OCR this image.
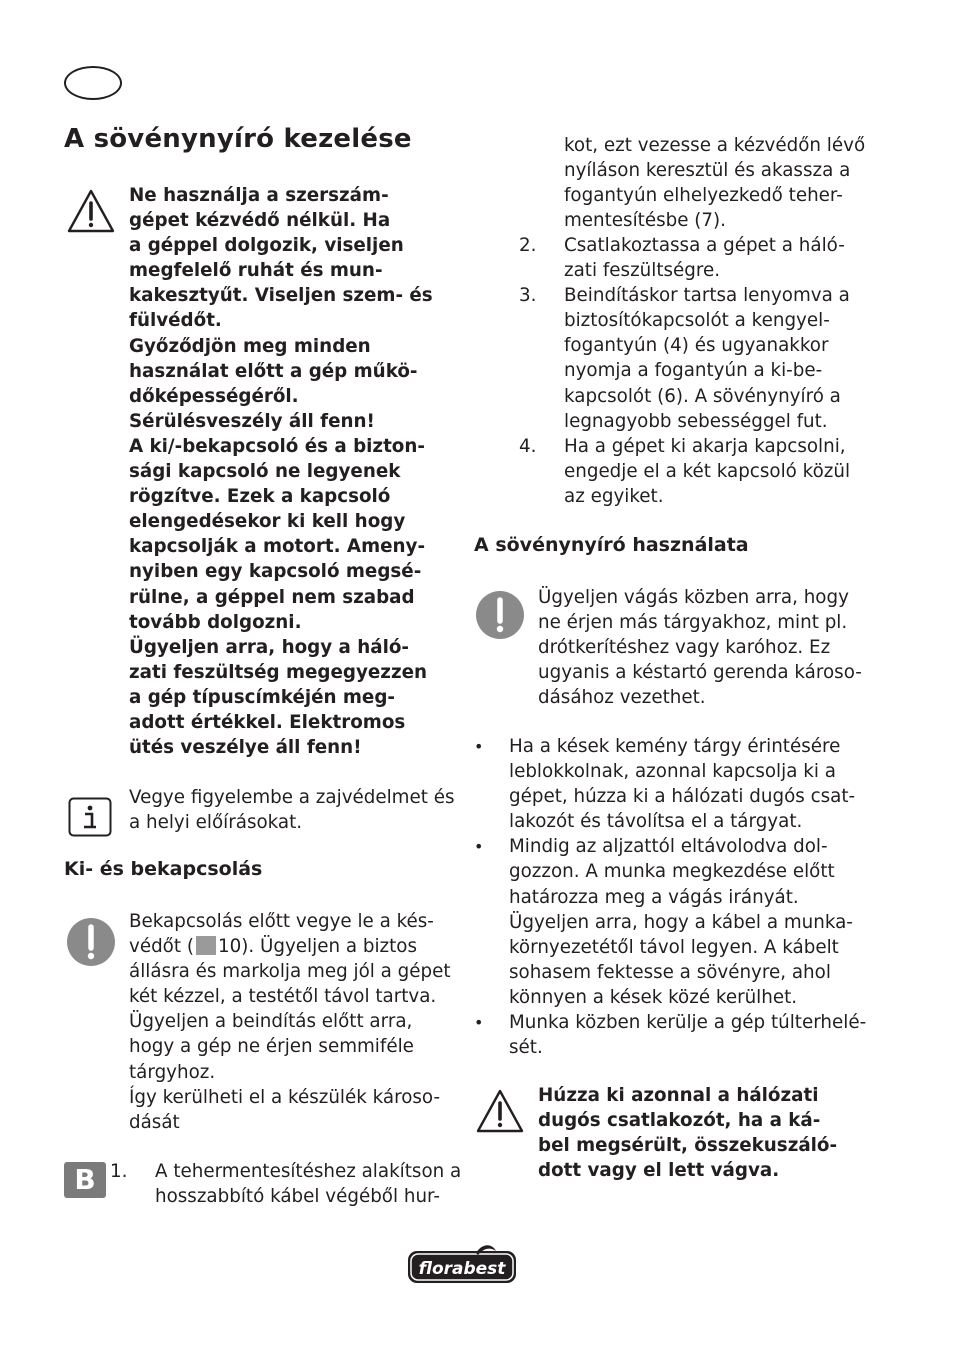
A sövénynyíró kezelése
Ne használja a szerszám-
gépet kézvédő nélkül. Ha
a géppel dolgozik, viseljen
megfelelő ruhát és mun-
kakesztyűt. Viseljen szem- és
fülvédőt.
Győződjön meg minden
használat előtt a gép műkö-
dőképességéről.
Sérülésveszély áll fenn!
A ki/-bekapcsoló és a bizton-
sági kapcsoló ne legyenek
rögzítve. Ezek a kapcsoló
elengedésekor ki kell hogy
kapcsolják a motort. Ameny-
nyiben egy kapcsoló megsé-
rülne, a géppel nem szabad
tovább dolgozni.
Ügyeljen arra, hogy a háló-
zati feszültség megegyezzen
a gép típuscímkéjén meg-
adott értékkel. Elektromos
ütés veszélye áll fenn!
Vegye figyelembe a zajvédelmet és
a helyi előírásokat.
Ki- és bekapcsolás
Bekapcsolás előtt vegye le a kés-
védőt ( 10). Ügyeljen a biztos
állásra és markolja meg jól a gépet
két kézzel, a testétől távol tartva.
Ügyeljen a beindítás előtt arra,
hogy a gép ne érjen semmiféle
tárgyhoz.
Így kerülheti el a készülék károso-
dását
B 1. A tehermentesítéshez alakítson a
hosszabbító kábel végéből hur-
kot, ezt vezesse a kézvédőn lévő
nyíláson keresztül és akassza a
fogantyún elhelyezkedő teher-
mentesítésbe (7).
2. Csatlakoztassa a gépet a háló-
zati feszültségre.
3. Beindításkor tartsa lenyomva a
biztosítókapcsolót a kengyel-
fogantyún (4) és ugyanakkor
nyomja a fogantyún a ki-be-
kapcsolót (6). A sövénynyíró a
legnagyobb sebességgel fut.
4. Ha a gépet ki akarja kapcsolni,
engedje el a két kapcsoló közül
az egyiket.
A sövénynyíró használata
Ügyeljen vágás közben arra, hogy
ne érjen más tárgyakhoz, mint pl.
drótkerítéshez vagy karóhoz. Ez
ugyanis a késtartó gerenda károso-
dásához vezethet.
• Ha a kések kemény tárgy érintésére
leblokkolnak, azonnal kapcsolja ki a
gépet, húzza ki a hálózati dugós csat-
lakozót és távolítsa el a tárgyat.
• Mindig az aljzattól eltávolodva dol-
gozzon. A munka megkezdése előtt
határozza meg a vágás irányát.
Ügyeljen arra, hogy a kábel a munka-
környezetétől távol legyen. A kábelt
sohasem fektesse a sövényre, ahol
könnyen a kések közé kerülhet.
• Munka közben kerülje a gép túlterhelé-
sét.
Húzza ki azonnal a hálózati
dugós csatlakozót, ha a ká-
bel megsérült, összekuszáló-
dott vagy el lett vágva.
florabest
